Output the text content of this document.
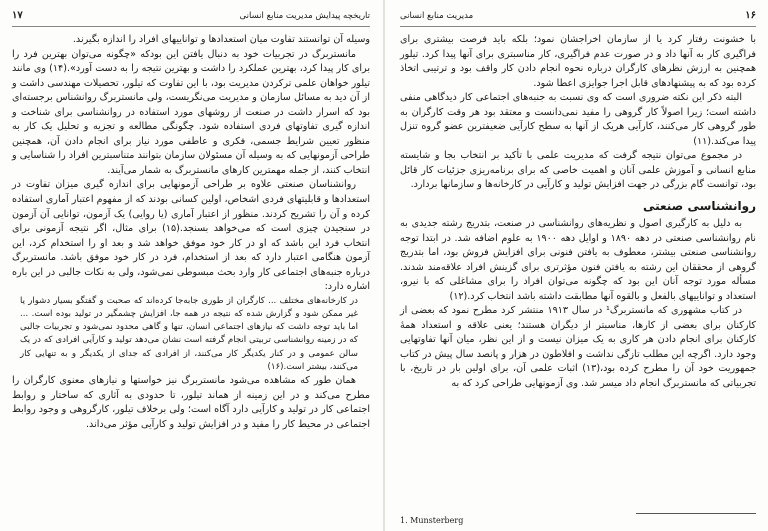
تاریخچه پیدایش مدیریت منابع انسانی
۱۷

وسیله آن توانستند تفاوت میان استعدادها و تواناییهای افراد را اندازه بگیرند.

مانستربرگ در تجربیات خود به دنبال یافتن این بودکه «چگونه می‌توان بهترین فرد را برای کار پیدا کرد، بهترین عملکرد را داشت و بهترین نتیجه را به دست آورد».(۱۴) وی مانند تیلور خواهان علمی ترکردن مدیریت بود، با این تفاوت که تیلور، تحصیلات مهندسی داشت و از آن دید به مسائل سازمان و مدیریت می‌نگریست، ولی مانستربرگ روانشناس برجسته‌ای بود که اسرار داشت در صنعت از روشهای مورد استفاده در روانشناسی برای شناخت و اندازه گیری تفاوتهای فردی استفاده شود. چگونگی مطالعه و تجزیه و تحلیل یک کار به منظور تعیین شرایط جسمی، فکری و عاطفی مورد نیاز برای انجام دادن آن، همچنین طراحی آزمونهایی که به وسیله آن مسئولان سازمان بتوانند متناسبترین افراد را شناسایی و انتخاب کنند، از جمله مهمترین کارهای مانستربرگ به شمار می‌آیند.

روانشناسان صنعتی علاوه بر طراحی آزمونهایی برای اندازه گیری میزان تفاوت در استعدادها و قابلیتهای فردی اشخاص، اولین کسانی بودند که از مفهوم اعتبار آماری استفاده کرده و آن را تشریح کردند. منظور از اعتبار آماری (یا روایی) یک آزمون، توانایی آن آزمون در سنجیدن چیزی است که می‌خواهد بسنجد.(۱۵) برای مثال، اگر نتیجه آزمونی برای انتخاب فرد این باشد که او در کار خود موفق خواهد شد و بعد او را استخدام کرد، این آزمون هنگامی اعتبار دارد که بعد از استخدام، فرد در کار خود موفق باشد. مانستربرگ درباره جنبه‌های اجتماعی کار وارد بحث مبسوطی نمی‌شود، ولی به نکات جالبی در این باره اشاره دارد:

در کارخانه‌های مختلف ... کارگران از طوری جابه‌جا کرده‌اند که صحبت و گفتگو بسیار دشوار یا غیر ممکن شود و گزارش شده که نتیجه در همه جا، افزایش چشمگیر در تولید بوده است. ... اما باید توجه داشت که نیازهای اجتماعی انسان، تنها و گاهی محدود نمی‌شود و تجربیات جالبی که در زمینه روانشناسی تربیتی انجام گرفته است نشان می‌دهد تولید و کارآیی افرادی که در یک سالن عمومی و در کنار یکدیگر کار می‌کنند، از افرادی که جدای از یکدیگر و به تنهایی کار می‌کنند، بیشتر است.(۱۶)

همان طور که مشاهده می‌شود مانستربرگ نیز خواستها و نیازهای معنوی کارگران را مطرح می‌کند و در این زمینه از هماند تیلور، تا حدودی به آثاری که ساختار و روابط اجتماعی کار در تولید و کارآیی دارد آگاه است؛ ولی برخلاف تیلور، کارگروهی و وجود روابط اجتماعی در محیط کار را مفید و در افزایش تولید و کارآیی مؤثر می‌داند.

۱۶
مدیریت منابع انسانی

با خشونت رفتار کرد یا از سازمان اخراجشان نمود؛ بلکه باید فرصت بیشتری برای فراگیری کار به آنها داد و در صورت عدم فراگیری، کار مناسبتری برای آنها پیدا کرد. تیلور همچنین به ارزش نظرهای کارگران درباره نحوه انجام دادن کار واقف بود و ترتیبی اتخاذ کرده بود که به پیشنهادهای قابل اجرا جوایزی اعطا شود.

البته ذکر این نکته ضروری است که وی نسبت به جنبه‌های اجتماعی کار دیدگاهی منفی داشته است؛ زیرا اصولاً کار گروهی را مفید نمی‌دانست و معتقد بود هر وقت کارگران به طور گروهی کار می‌کنند، کارآیی هریک از آنها به سطح کارآیی ضعیفترین عضو گروه تنزل پیدا می‌کند.(۱۱)

در مجموع می‌توان نتیجه گرفت که مدیریت علمی با تأکید بر انتخاب بجا و شایسته منابع انسانی و آموزش علمی آنان و اهمیت خاصی که برای برنامه‌ریزی جزئیات کار قائل بود، توانست گام بزرگی در جهت افزایش تولید و کارآیی در کارخانه‌ها و سازمانها بردارد.

روانشناسی صنعتی

به دلیل به کارگیری اصول و نظریه‌های روانشناسی در صنعت، بتدریج رشته جدیدی به نام روانشناسی صنعتی در دهه ۱۸۹۰ و اوایل دهه ۱۹۰۰ به علوم اضافه شد. در ابتدا توجه روانشناسی صنعتی بیشتر، معطوف به یافتن فنونی برای افزایش فروش بود، اما بتدریج گروهی از محققان این رشته به یافتن فنون مؤثرتری برای گزینش افراد علاقه‌مند شدند. مسأله مورد توجه آنان این بود که چگونه می‌توان افراد را برای مشاغلی که با نیرو، استعداد و تواناییهای بالفعل و بالقوه آنها مطابقت داشته باشد انتخاب کرد.(۱۲)

در کتاب مشهوری که مانستربرگ¹ در سال ۱۹۱۳ منتشر کرد مطرح نمود که بعضی از کارکنان برای بعضی از کارها، مناسبتر از دیگران هستند؛ یعنی علاقه و استعداد همهٔ کارکنان برای انجام دادن هر کاری به یک میزان نیست و از این نظر، میان آنها تفاوتهایی وجود دارد. اگرچه این مطلب تازگی نداشت و افلاطون در هزار و پانصد سال پیش در کتاب جمهوریت خود آن را مطرح کرده بود،(۱۳) اثبات علمی آن، برای اولین بار در تاریخ، با تجربیاتی که مانستربرگ انجام داد میسر شد. وی آزمونهایی طراحی کرد که به

1. Munsterberg
